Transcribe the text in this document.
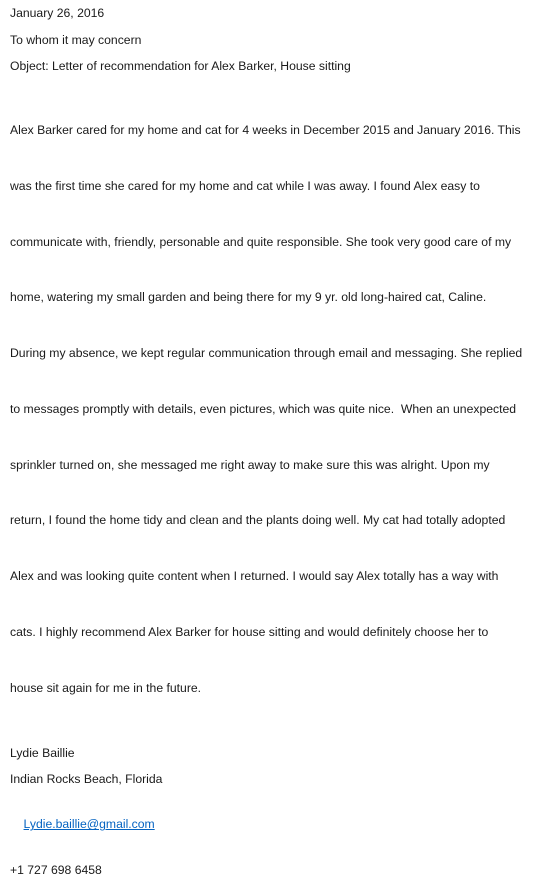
January 26, 2016

To whom it may concern

Object: Letter of recommendation for Alex Barker, House sitting

Alex Barker cared for my home and cat for 4 weeks in December 2015 and January 2016. This

was the first time she cared for my home and cat while I was away. I found Alex easy to

communicate with, friendly, personable and quite responsible. She took very good care of my

home, watering my small garden and being there for my 9 yr. old long-haired cat, Caline.

During my absence, we kept regular communication through email and messaging. She replied

to messages promptly with details, even pictures, which was quite nice.  When an unexpected

sprinkler turned on, she messaged me right away to make sure this was alright. Upon my

return, I found the home tidy and clean and the plants doing well. My cat had totally adopted

Alex and was looking quite content when I returned. I would say Alex totally has a way with

cats. I highly recommend Alex Barker for house sitting and would definitely choose her to

house sit again for me in the future.

Lydie Baillie

Indian Rocks Beach, Florida

Lydie.baillie@gmail.com

+1 727 698 6458
